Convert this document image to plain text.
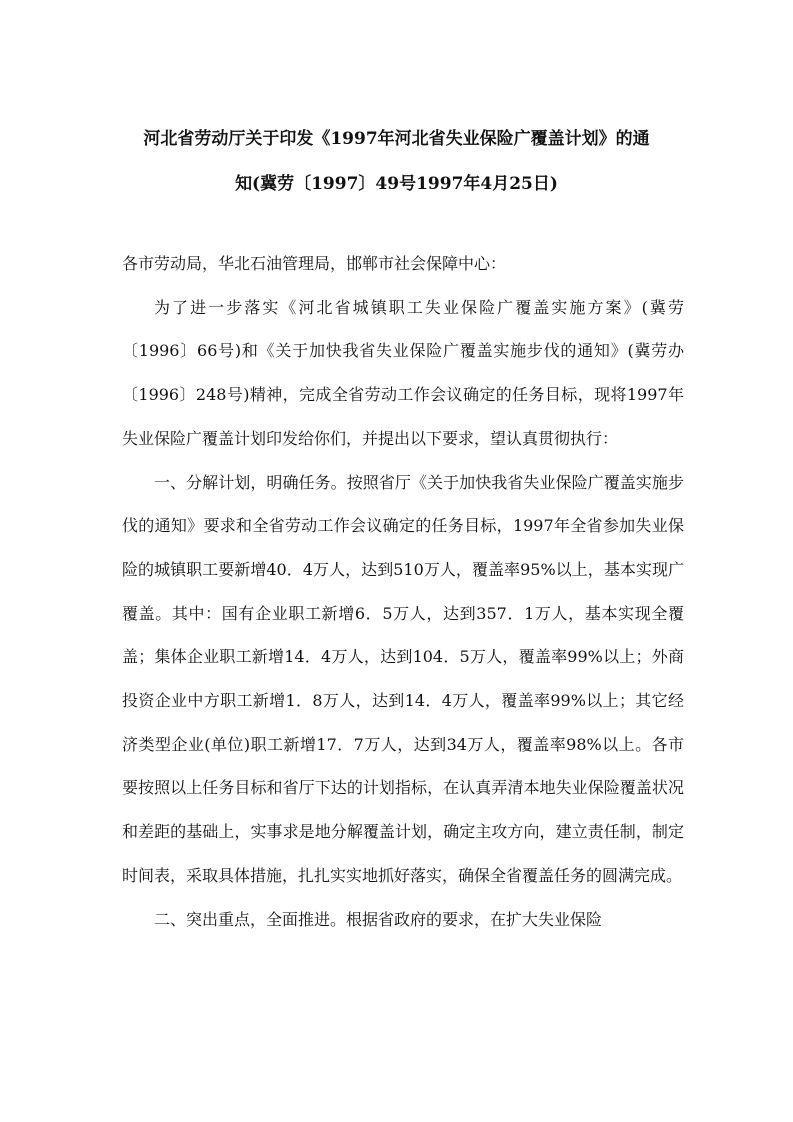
河北省劳动厅关于印发《1997年河北省失业保险广覆盖计划》的通
知(冀劳〔1997〕49号1997年4月25日)

各市劳动局，华北石油管理局，邯郸市社会保障中心：

为了进一步落实《河北省城镇职工失业保险广覆盖实施方案》(冀劳〔1996〕66号)和《关于加快我省失业保险广覆盖实施步伐的通知》(冀劳办〔1996〕248号)精神，完成全省劳动工作会议确定的任务目标，现将1997年失业保险广覆盖计划印发给你们，并提出以下要求，望认真贯彻执行：

一、分解计划，明确任务。按照省厅《关于加快我省失业保险广覆盖实施步伐的通知》要求和全省劳动工作会议确定的任务目标，1997年全省参加失业保险的城镇职工要新增40．4万人，达到510万人，覆盖率95%以上，基本实现广覆盖。其中：国有企业职工新增6．5万人，达到357．1万人，基本实现全覆盖；集体企业职工新增14．4万人，达到104．5万人，覆盖率99%以上；外商投资企业中方职工新增1．8万人，达到14．4万人，覆盖率99%以上；其它经济类型企业(单位)职工新增17．7万人，达到34万人，覆盖率98%以上。各市要按照以上任务目标和省厅下达的计划指标，在认真弄清本地失业保险覆盖状况和差距的基础上，实事求是地分解覆盖计划，确定主攻方向，建立责任制，制定时间表，采取具体措施，扎扎实实地抓好落实，确保全省覆盖任务的圆满完成。

二、突出重点，全面推进。根据省政府的要求，在扩大失业保险
